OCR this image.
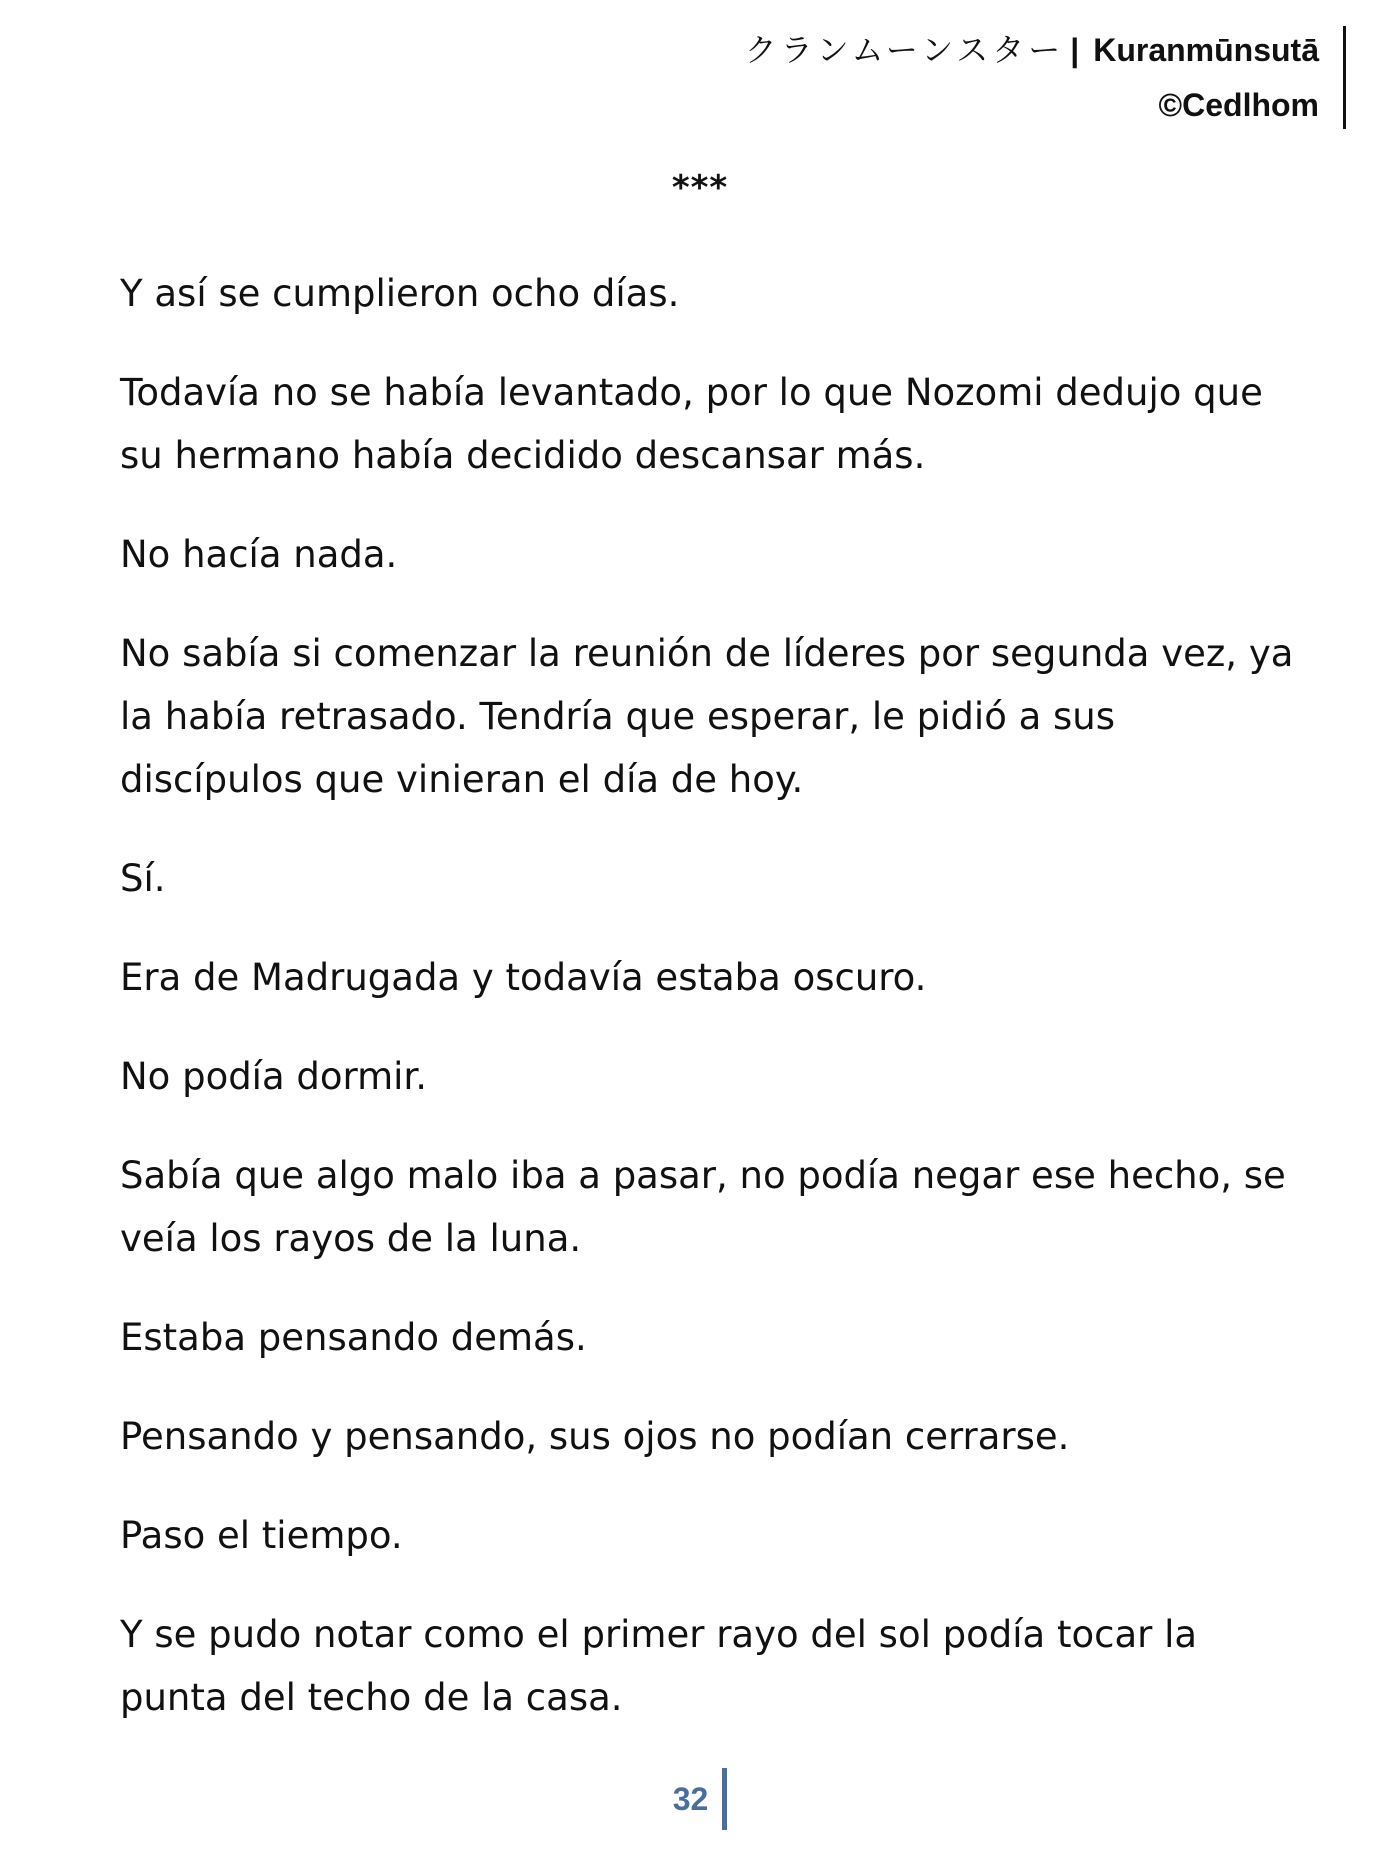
クランムーンスター | Kuranmūnsutā
©Cedlhom
***

Y así se cumplieron ocho días.

Todavía no se había levantado, por lo que Nozomi dedujo que su hermano había decidido descansar más.

No hacía nada.

No sabía si comenzar la reunión de líderes por segunda vez, ya la había retrasado. Tendría que esperar, le pidió a sus discípulos que vinieran el día de hoy.

Sí.

Era de Madrugada y todavía estaba oscuro.

No podía dormir.

Sabía que algo malo iba a pasar, no podía negar ese hecho, se veía los rayos de la luna.

Estaba pensando demás.

Pensando y pensando, sus ojos no podían cerrarse.

Paso el tiempo.

Y se pudo notar como el primer rayo del sol podía tocar la punta del techo de la casa.

32
